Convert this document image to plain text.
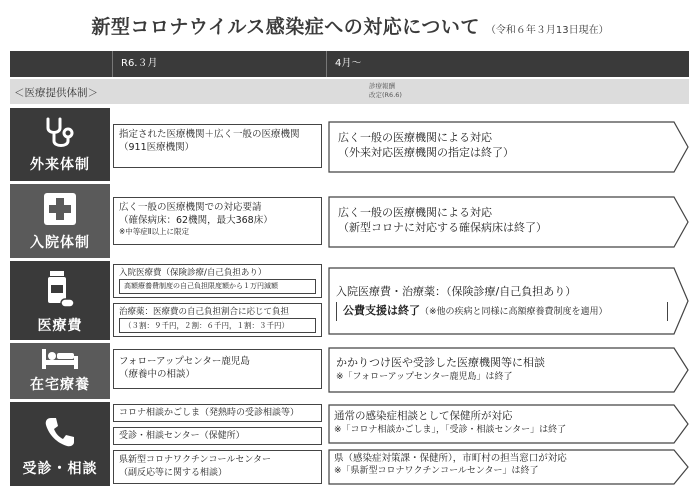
新型コロナウイルス感染症への対応について （令和６年３月13日現在）
R6.３月	4月～
＜医療提供体制＞
診療報酬
改定(R6.6)
外来体制
指定された医療機関＋広く一般の医療機関
（911医療機関）
広く一般の医療機関による対応
（外来対応医療機関の指定は終了）
入院体制
広く一般の医療機関での対応要請
（確保病床：62機関，最大368床）
※中等症Ⅱ以上に限定
広く一般の医療機関による対応
（新型コロナに対応する確保病床は終了）
医療費
入院医療費（保険診療/自己負担あり）
高額療養費制度の自己負担限度額から１万円減額
治療薬：医療費の自己負担割合に応じて負担
（３割：９千円，２割：６千円，１割：３千円）
入院医療費・治療薬：（保険診療/自己負担あり）
公費支援は終了（※他の疾病と同様に高額療養費制度を適用）
在宅療養
フォローアップセンター鹿児島
（療養中の相談）
かかりつけ医や受診した医療機関等に相談
※「フォローアップセンター鹿児島」は終了
受診・相談
コロナ相談かごしま（発熱時の受診相談等）
受診・相談センター（保健所）
県新型コロナワクチンコールセンター
（副反応等に関する相談）
通常の感染症相談として保健所が対応
※「コロナ相談かごしま」，「受診・相談センター」は終了
県（感染症対策課・保健所），市町村の担当窓口が対応
※「県新型コロナワクチンコールセンター」は終了
